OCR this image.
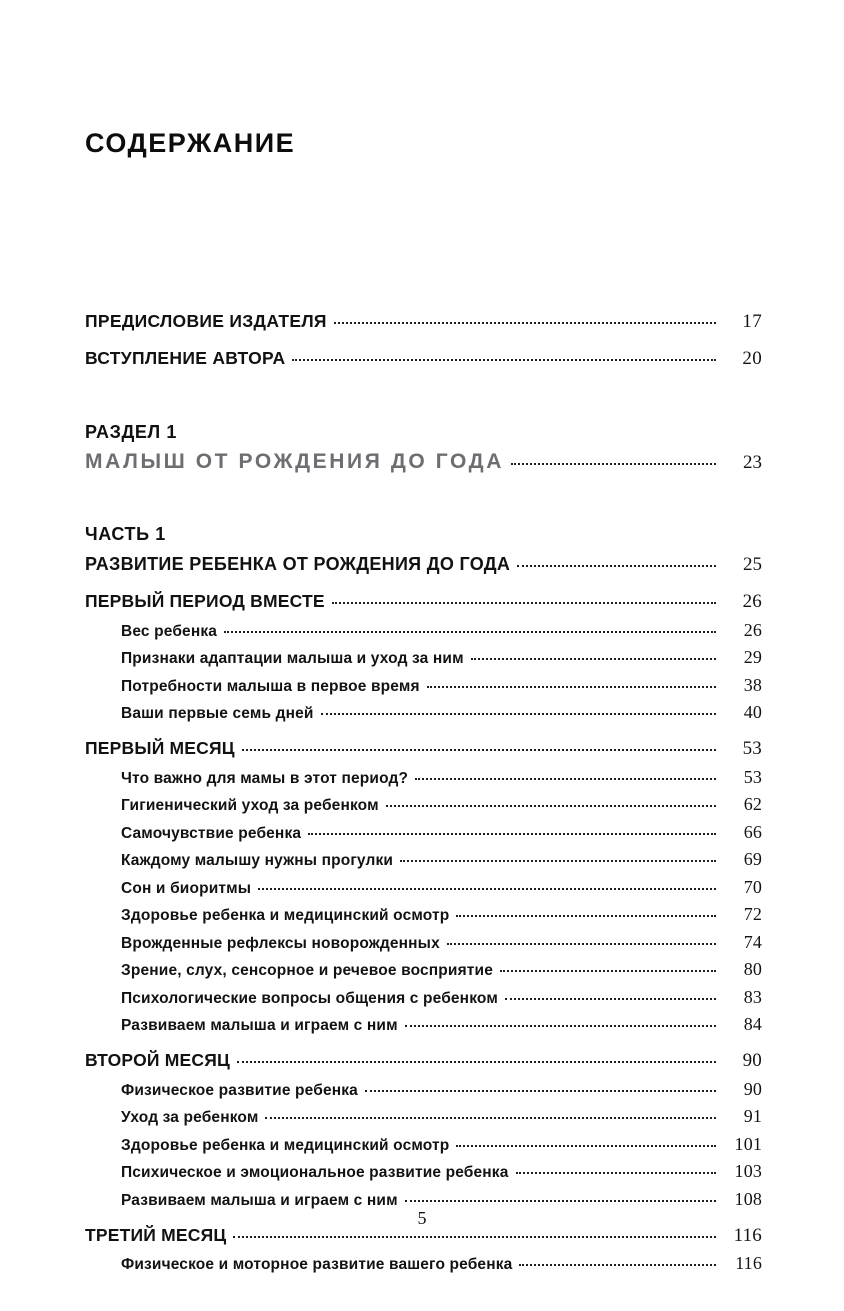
СОДЕРЖАНИЕ
ПРЕДИСЛОВИЕ ИЗДАТЕЛЯ	17
ВСТУПЛЕНИЕ АВТОРА	20
РАЗДЕЛ 1
МАЛЫШ ОТ РОЖДЕНИЯ ДО ГОДА	23
ЧАСТЬ 1
РАЗВИТИЕ РЕБЕНКА ОТ РОЖДЕНИЯ ДО ГОДА	25
ПЕРВЫЙ ПЕРИОД ВМЕСТЕ	26
Вес ребенка	26
Признаки адаптации малыша и уход за ним	29
Потребности малыша в первое время	38
Ваши первые семь дней	40
ПЕРВЫЙ МЕСЯЦ	53
Что важно для мамы в этот период?	53
Гигиенический уход за ребенком	62
Самочувствие ребенка	66
Каждому малышу нужны прогулки	69
Сон и биоритмы	70
Здоровье ребенка и медицинский осмотр	72
Врожденные рефлексы новорожденных	74
Зрение, слух, сенсорное и речевое восприятие	80
Психологические вопросы общения с ребенком	83
Развиваем малыша и играем с ним	84
ВТОРОЙ МЕСЯЦ	90
Физическое развитие ребенка	90
Уход за ребенком	91
Здоровье ребенка и медицинский осмотр	101
Психическое и эмоциональное развитие ребенка	103
Развиваем малыша и играем с ним	108
ТРЕТИЙ МЕСЯЦ	116
Физическое и моторное развитие вашего ребенка	116
5
